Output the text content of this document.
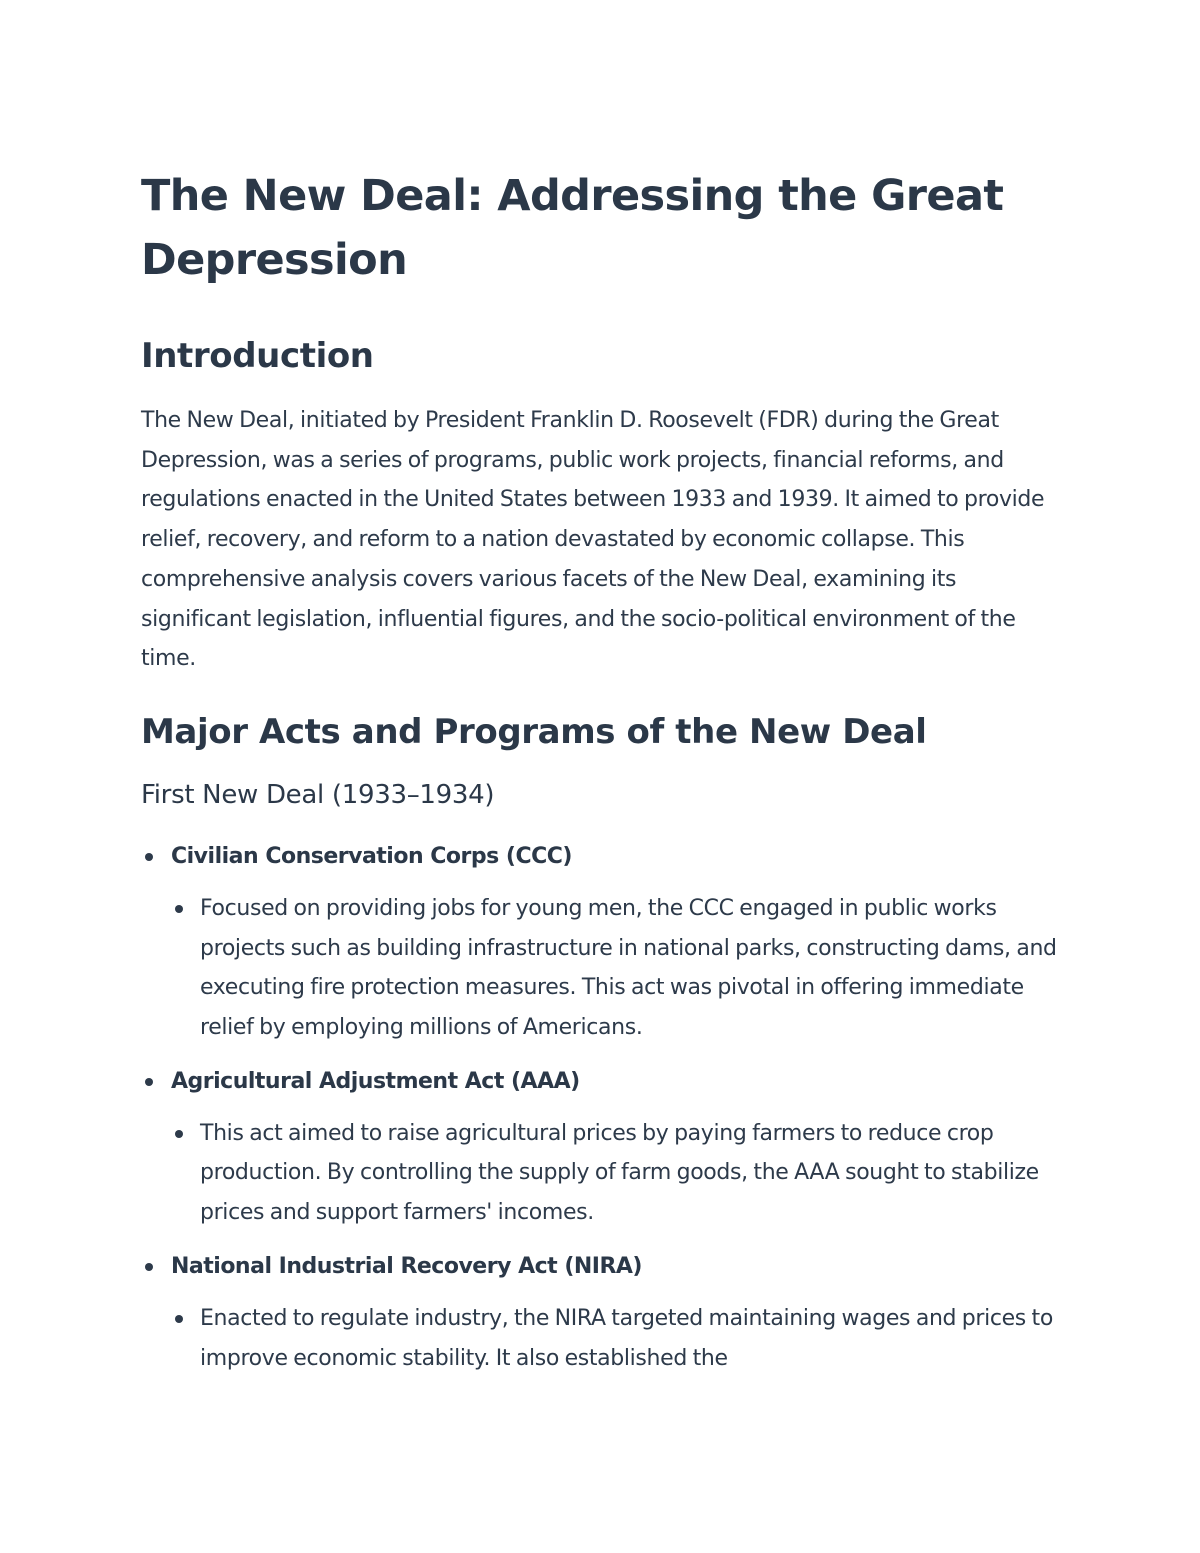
The New Deal: Addressing the Great Depression
Introduction

The New Deal, initiated by President Franklin D. Roosevelt (FDR) during the Great Depression, was a series of programs, public work projects, financial reforms, and regulations enacted in the United States between 1933 and 1939. It aimed to provide relief, recovery, and reform to a nation devastated by economic collapse. This comprehensive analysis covers various facets of the New Deal, examining its significant legislation, influential figures, and the socio-political environment of the time.

Major Acts and Programs of the New Deal
First New Deal (1933–1934)
Civilian Conservation Corps (CCC)
Focused on providing jobs for young men, the CCC engaged in public works projects such as building infrastructure in national parks, constructing dams, and executing fire protection measures. This act was pivotal in offering immediate relief by employing millions of Americans.
Agricultural Adjustment Act (AAA)
This act aimed to raise agricultural prices by paying farmers to reduce crop production. By controlling the supply of farm goods, the AAA sought to stabilize prices and support farmers' incomes.
National Industrial Recovery Act (NIRA)
Enacted to regulate industry, the NIRA targeted maintaining wages and prices to improve economic stability. It also established the
